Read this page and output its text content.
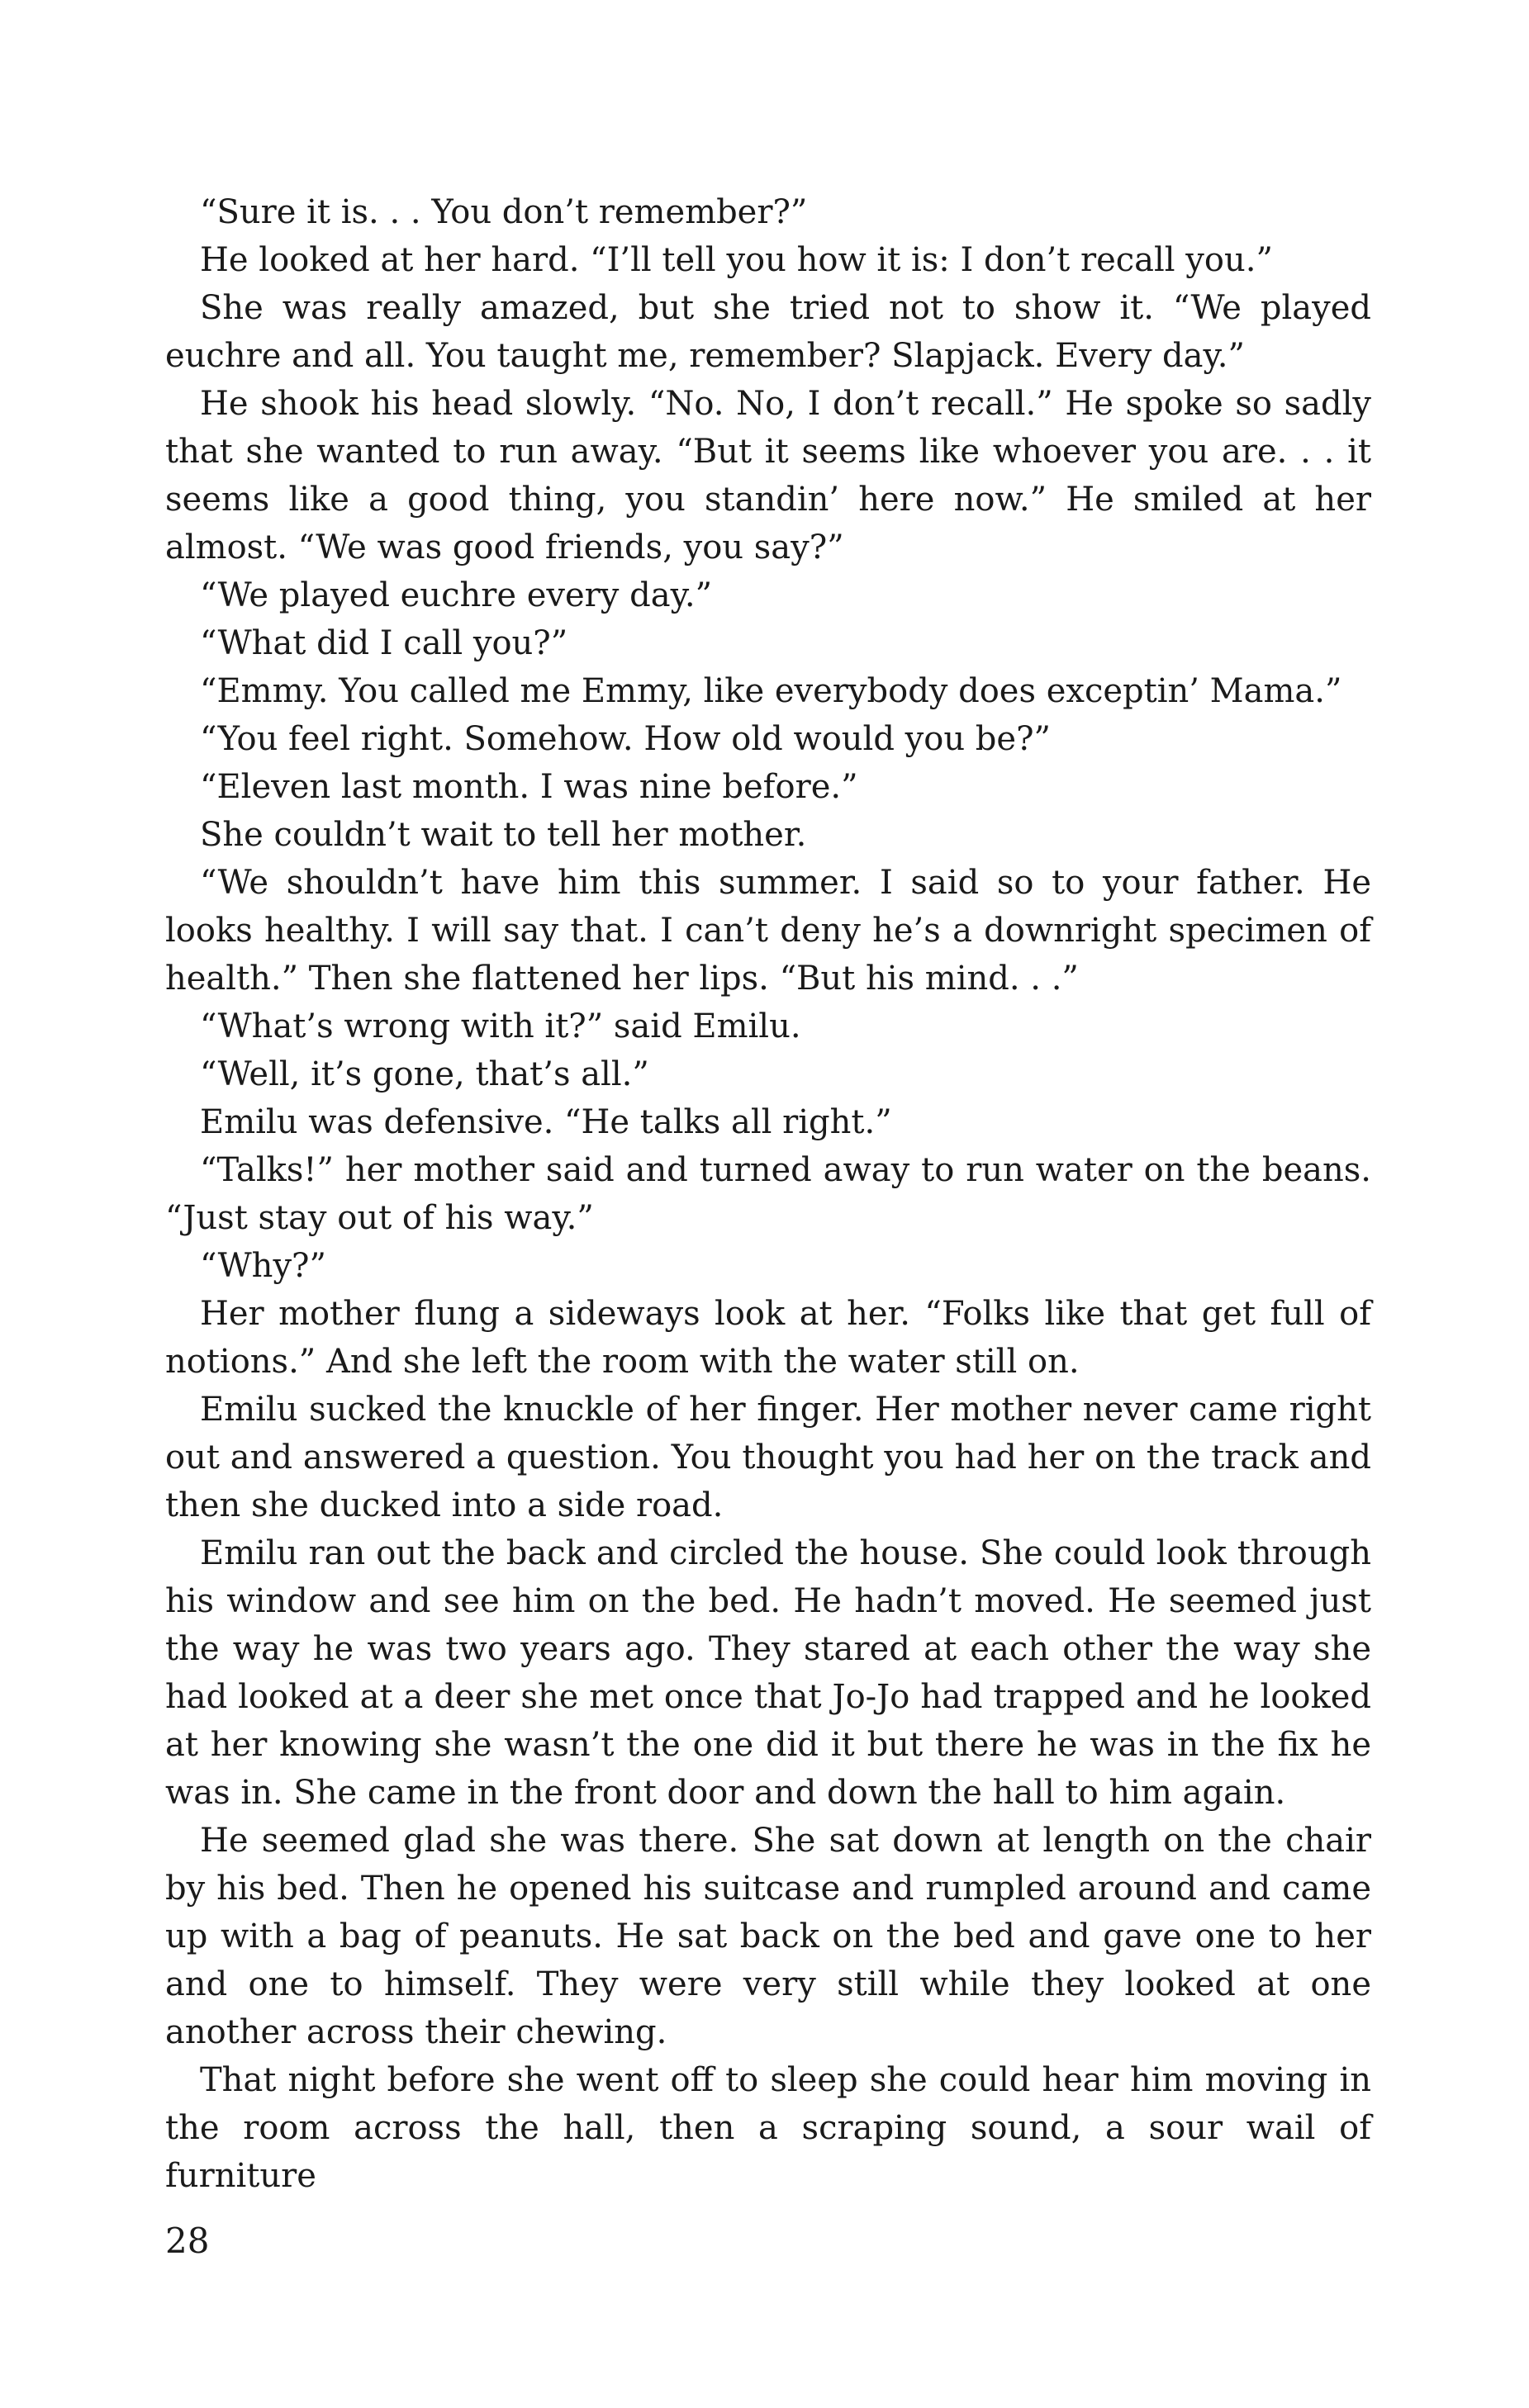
“Sure it is. . . You don’t remember?”

He looked at her hard. “I’ll tell you how it is: I don’t recall you.”

She was really amazed, but she tried not to show it. “We played euchre and all. You taught me, remember? Slapjack. Every day.”

He shook his head slowly. “No. No, I don’t recall.” He spoke so sadly that she wanted to run away. “But it seems like whoever you are. . . it seems like a good thing, you standin’ here now.” He smiled at her almost. “We was good friends, you say?”

“We played euchre every day.”

“What did I call you?”

“Emmy. You called me Emmy, like everybody does exceptin’ Mama.”

“You feel right. Somehow. How old would you be?”

“Eleven last month. I was nine before.”

She couldn’t wait to tell her mother.

“We shouldn’t have him this summer. I said so to your father. He looks healthy. I will say that. I can’t deny he’s a downright specimen of health.” Then she flattened her lips. “But his mind. . .”

“What’s wrong with it?” said Emilu.

“Well, it’s gone, that’s all.”

Emilu was defensive. “He talks all right.”

“Talks!” her mother said and turned away to run water on the beans. “Just stay out of his way.”

“Why?”

Her mother flung a sideways look at her. “Folks like that get full of notions.” And she left the room with the water still on.

Emilu sucked the knuckle of her finger. Her mother never came right out and answered a question. You thought you had her on the track and then she ducked into a side road.

Emilu ran out the back and circled the house. She could look through his window and see him on the bed. He hadn’t moved. He seemed just the way he was two years ago. They stared at each other the way she had looked at a deer she met once that Jo-Jo had trapped and he looked at her knowing she wasn’t the one did it but there he was in the fix he was in. She came in the front door and down the hall to him again.

He seemed glad she was there. She sat down at length on the chair by his bed. Then he opened his suitcase and rumpled around and came up with a bag of peanuts. He sat back on the bed and gave one to her and one to himself. They were very still while they looked at one another across their chewing.

That night before she went off to sleep she could hear him moving in the room across the hall, then a scraping sound, a sour wail of furniture

28
